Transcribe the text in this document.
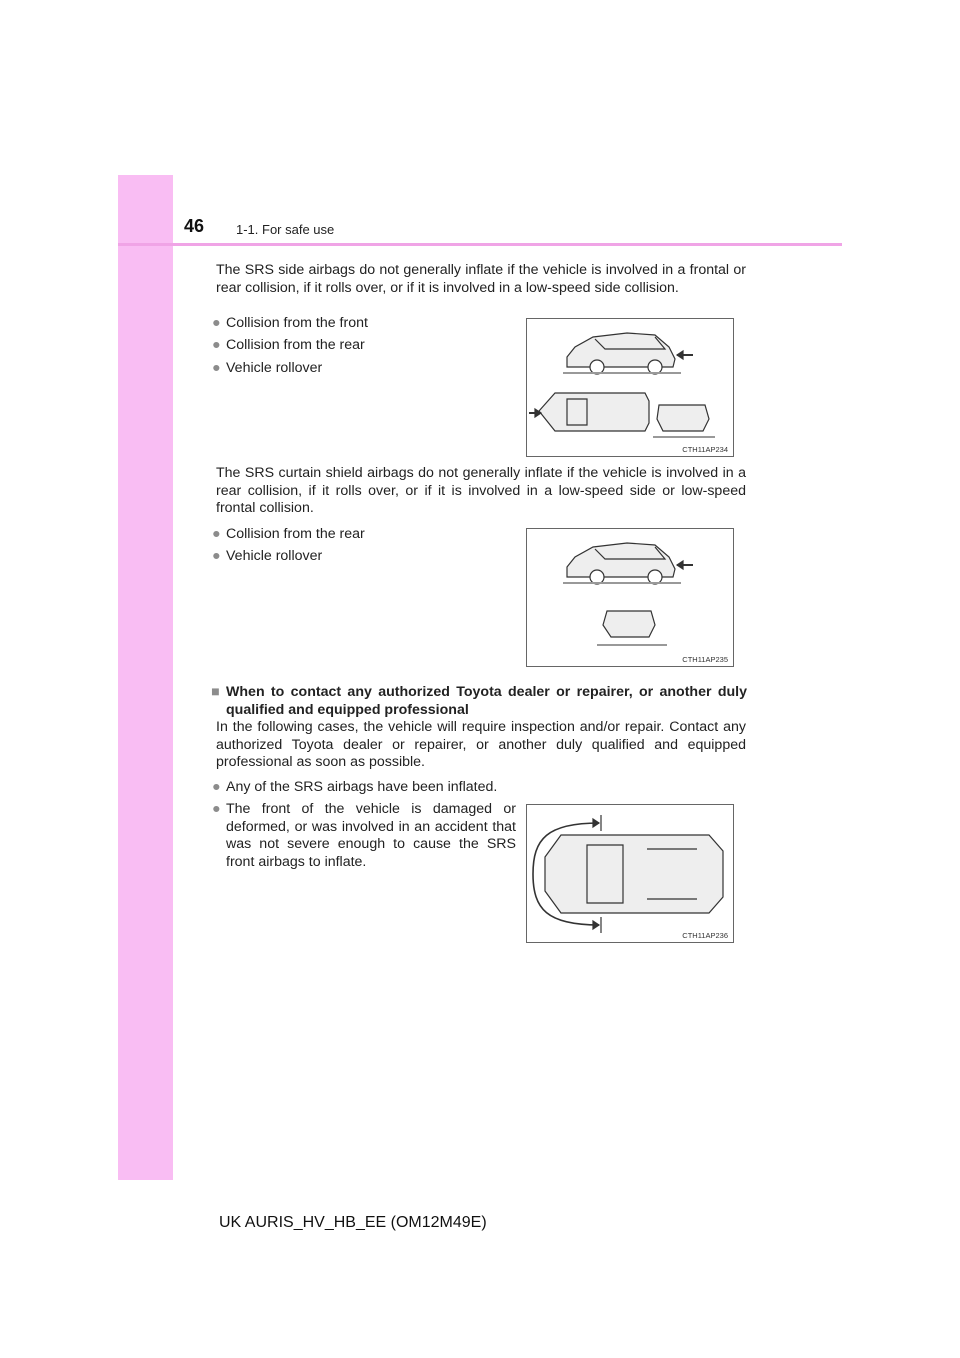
46 1-1. For safe use

The SRS side airbags do not generally inflate if the vehicle is involved in a frontal or rear collision, if it rolls over, or if it is involved in a low-speed side collision.

● Collision from the front
● Collision from the rear
● Vehicle rollover
CTH11AP234

The SRS curtain shield airbags do not generally inflate if the vehicle is involved in a rear collision, if it rolls over, or if it is involved in a low-speed side or low-speed frontal collision.

● Collision from the rear
● Vehicle rollover
CTH11AP235
■ When to contact any authorized Toyota dealer or repairer, or another duly qualified and equipped professional

In the following cases, the vehicle will require inspection and/or repair. Contact any authorized Toyota dealer or repairer, or another duly qualified and equipped professional as soon as possible.

● Any of the SRS airbags have been inflated.
● The front of the vehicle is damaged or deformed, or was involved in an accident that was not severe enough to cause the SRS front airbags to inflate.
CTH11AP236
UK AURIS_HV_HB_EE (OM12M49E)
